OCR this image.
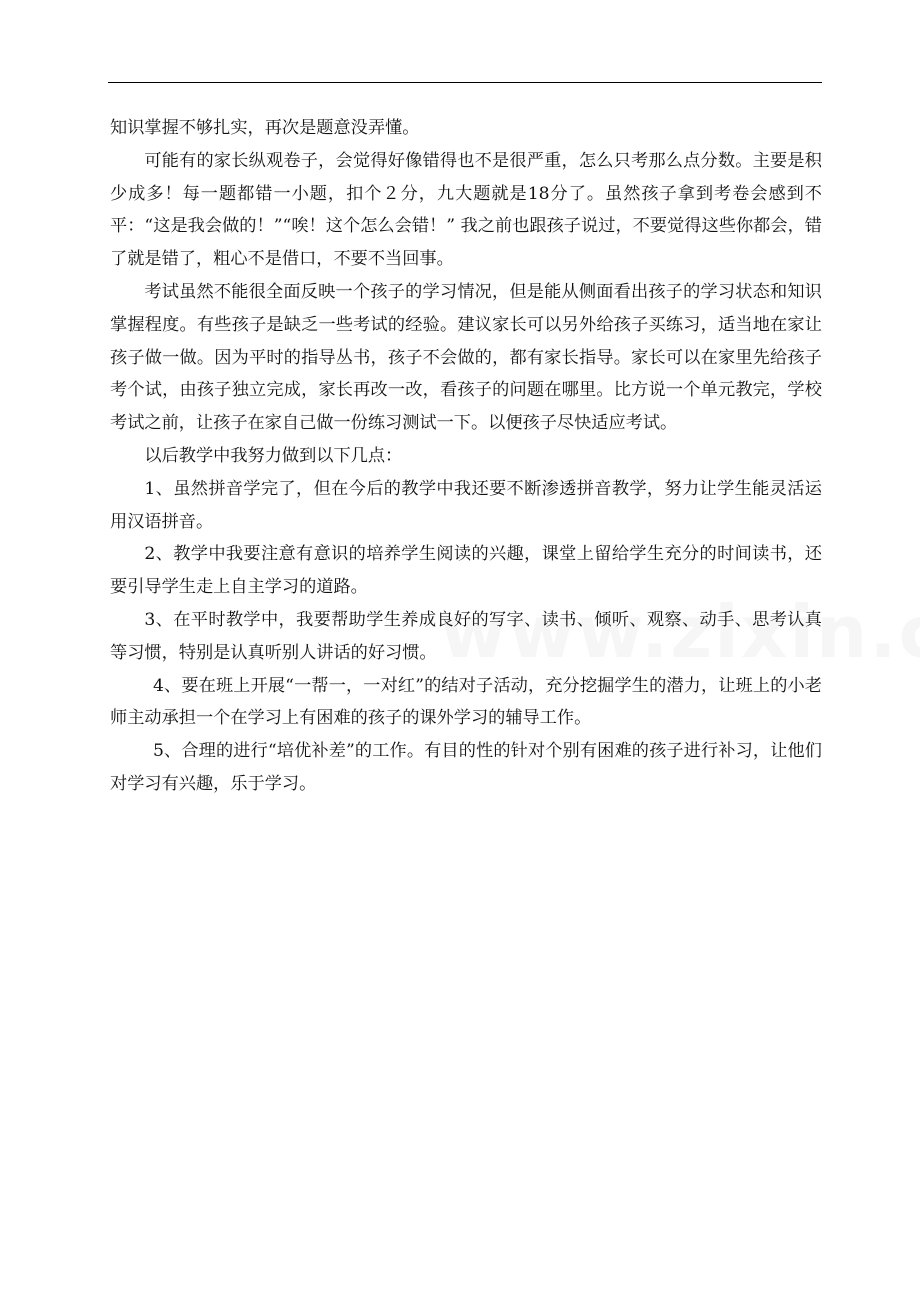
知识掌握不够扎实，再次是题意没弄懂。

可能有的家长纵观卷子，会觉得好像错得也不是很严重，怎么只考那么点分数。主要是积少成多！每一题都错一小题，扣个２分，九大题就是18分了。虽然孩子拿到考卷会感到不平：“这是我会做的！”“唉！这个怎么会错！” 我之前也跟孩子说过，不要觉得这些你都会，错了就是错了，粗心不是借口，不要不当回事。

考试虽然不能很全面反映一个孩子的学习情况，但是能从侧面看出孩子的学习状态和知识掌握程度。有些孩子是缺乏一些考试的经验。建议家长可以另外给孩子买练习，适当地在家让孩子做一做。因为平时的指导丛书，孩子不会做的，都有家长指导。家长可以在家里先给孩子考个试，由孩子独立完成，家长再改一改，看孩子的问题在哪里。比方说一个单元教完，学校考试之前，让孩子在家自己做一份练习测试一下。以便孩子尽快适应考试。

以后教学中我努力做到以下几点：

1、虽然拼音学完了，但在今后的教学中我还要不断渗透拼音教学，努力让学生能灵活运用汉语拼音。

2、教学中我要注意有意识的培养学生阅读的兴趣，课堂上留给学生充分的时间读书，还要引导学生走上自主学习的道路。

3、在平时教学中，我要帮助学生养成良好的写字、读书、倾听、观察、动手、思考认真等习惯，特别是认真听别人讲话的好习惯。

4、要在班上开展“一帮一，一对红”的结对子活动，充分挖掘学生的潜力，让班上的小老师主动承担一个在学习上有困难的孩子的课外学习的辅导工作。

5、合理的进行“培优补差”的工作。有目的性的针对个别有困难的孩子进行补习，让他们对学习有兴趣，乐于学习。
